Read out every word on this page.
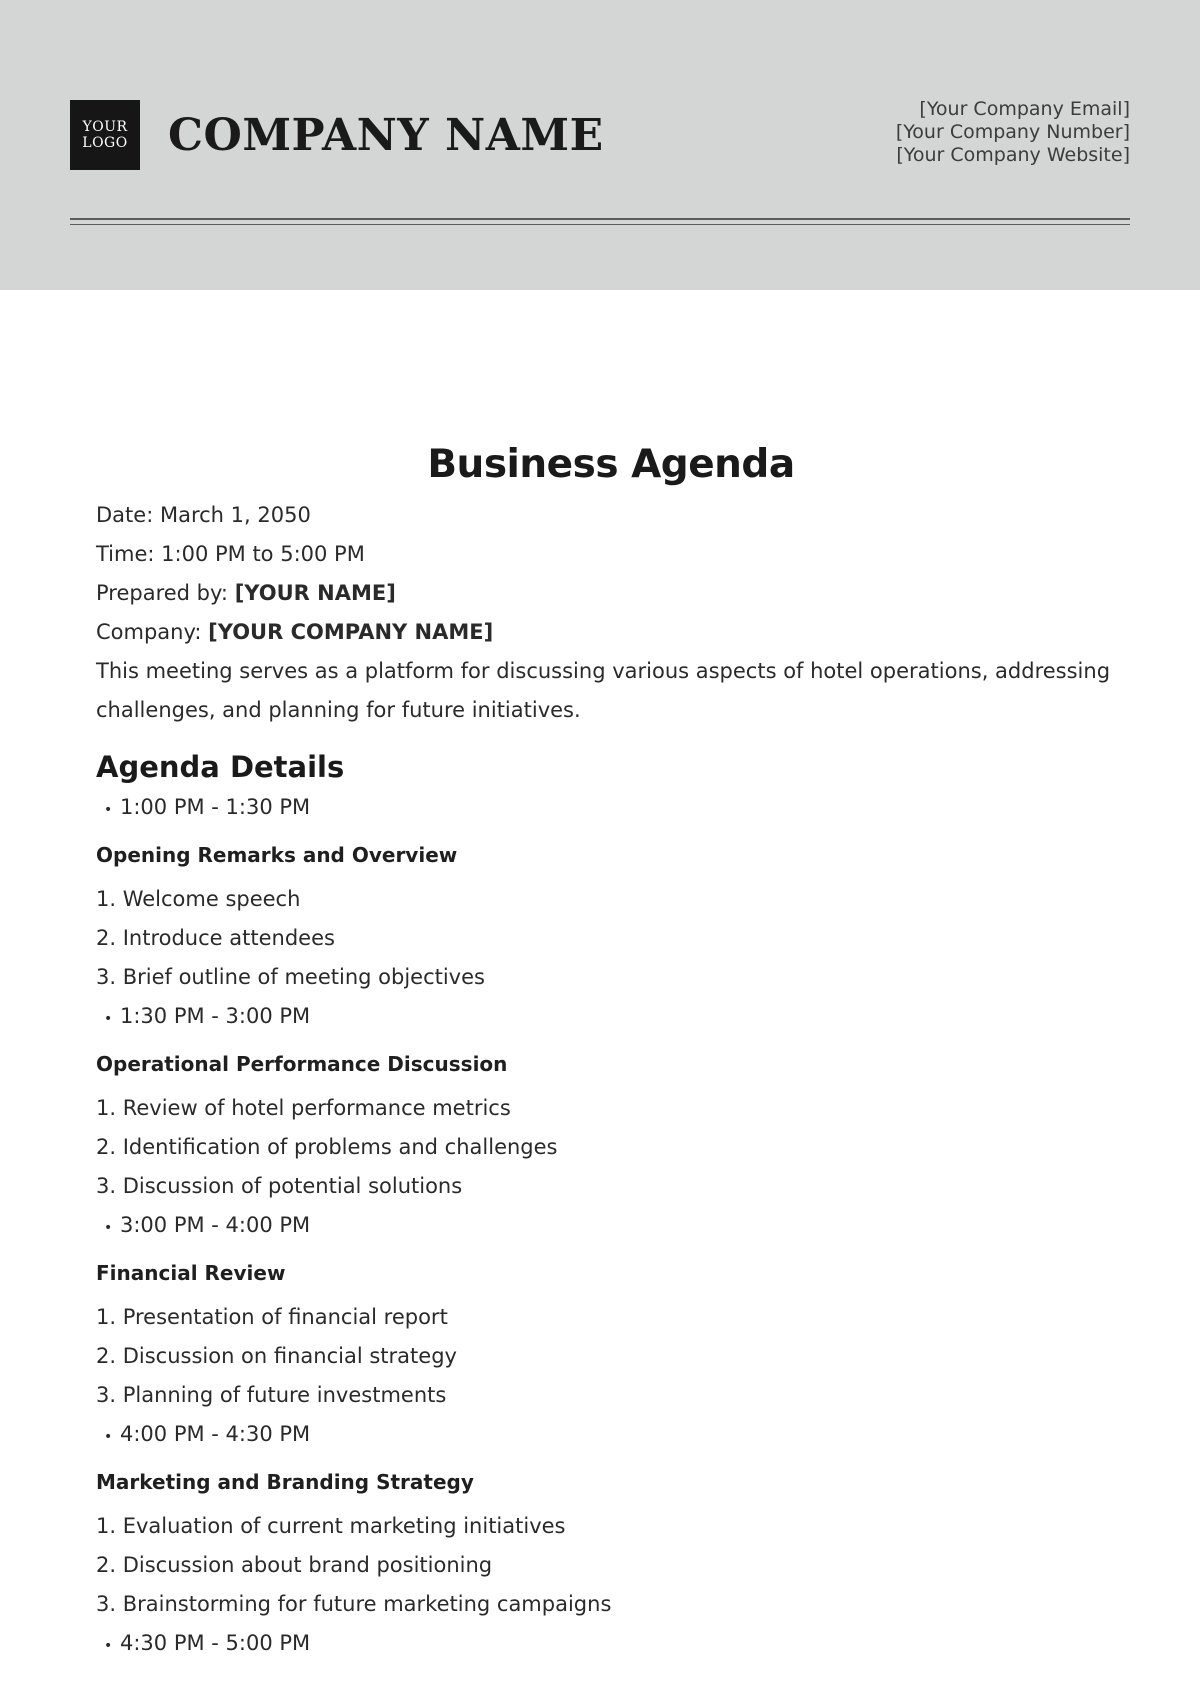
YOUR
LOGO COMPANY NAME
[Your Company Email]
[Your Company Number]
[Your Company Website]
Business Agenda
Date: March 1, 2050
Time: 1:00 PM to 5:00 PM
Prepared by: [YOUR NAME]
Company: [YOUR COMPANY NAME]
This meeting serves as a platform for discussing various aspects of hotel operations, addressing challenges, and planning for future initiatives.
Agenda Details
• 1:00 PM - 1:30 PM
Opening Remarks and Overview
1. Welcome speech
2. Introduce attendees
3. Brief outline of meeting objectives
• 1:30 PM - 3:00 PM
Operational Performance Discussion
1. Review of hotel performance metrics
2. Identification of problems and challenges
3. Discussion of potential solutions
• 3:00 PM - 4:00 PM
Financial Review
1. Presentation of financial report
2. Discussion on financial strategy
3. Planning of future investments
• 4:00 PM - 4:30 PM
Marketing and Branding Strategy
1. Evaluation of current marketing initiatives
2. Discussion about brand positioning
3. Brainstorming for future marketing campaigns
• 4:30 PM - 5:00 PM
